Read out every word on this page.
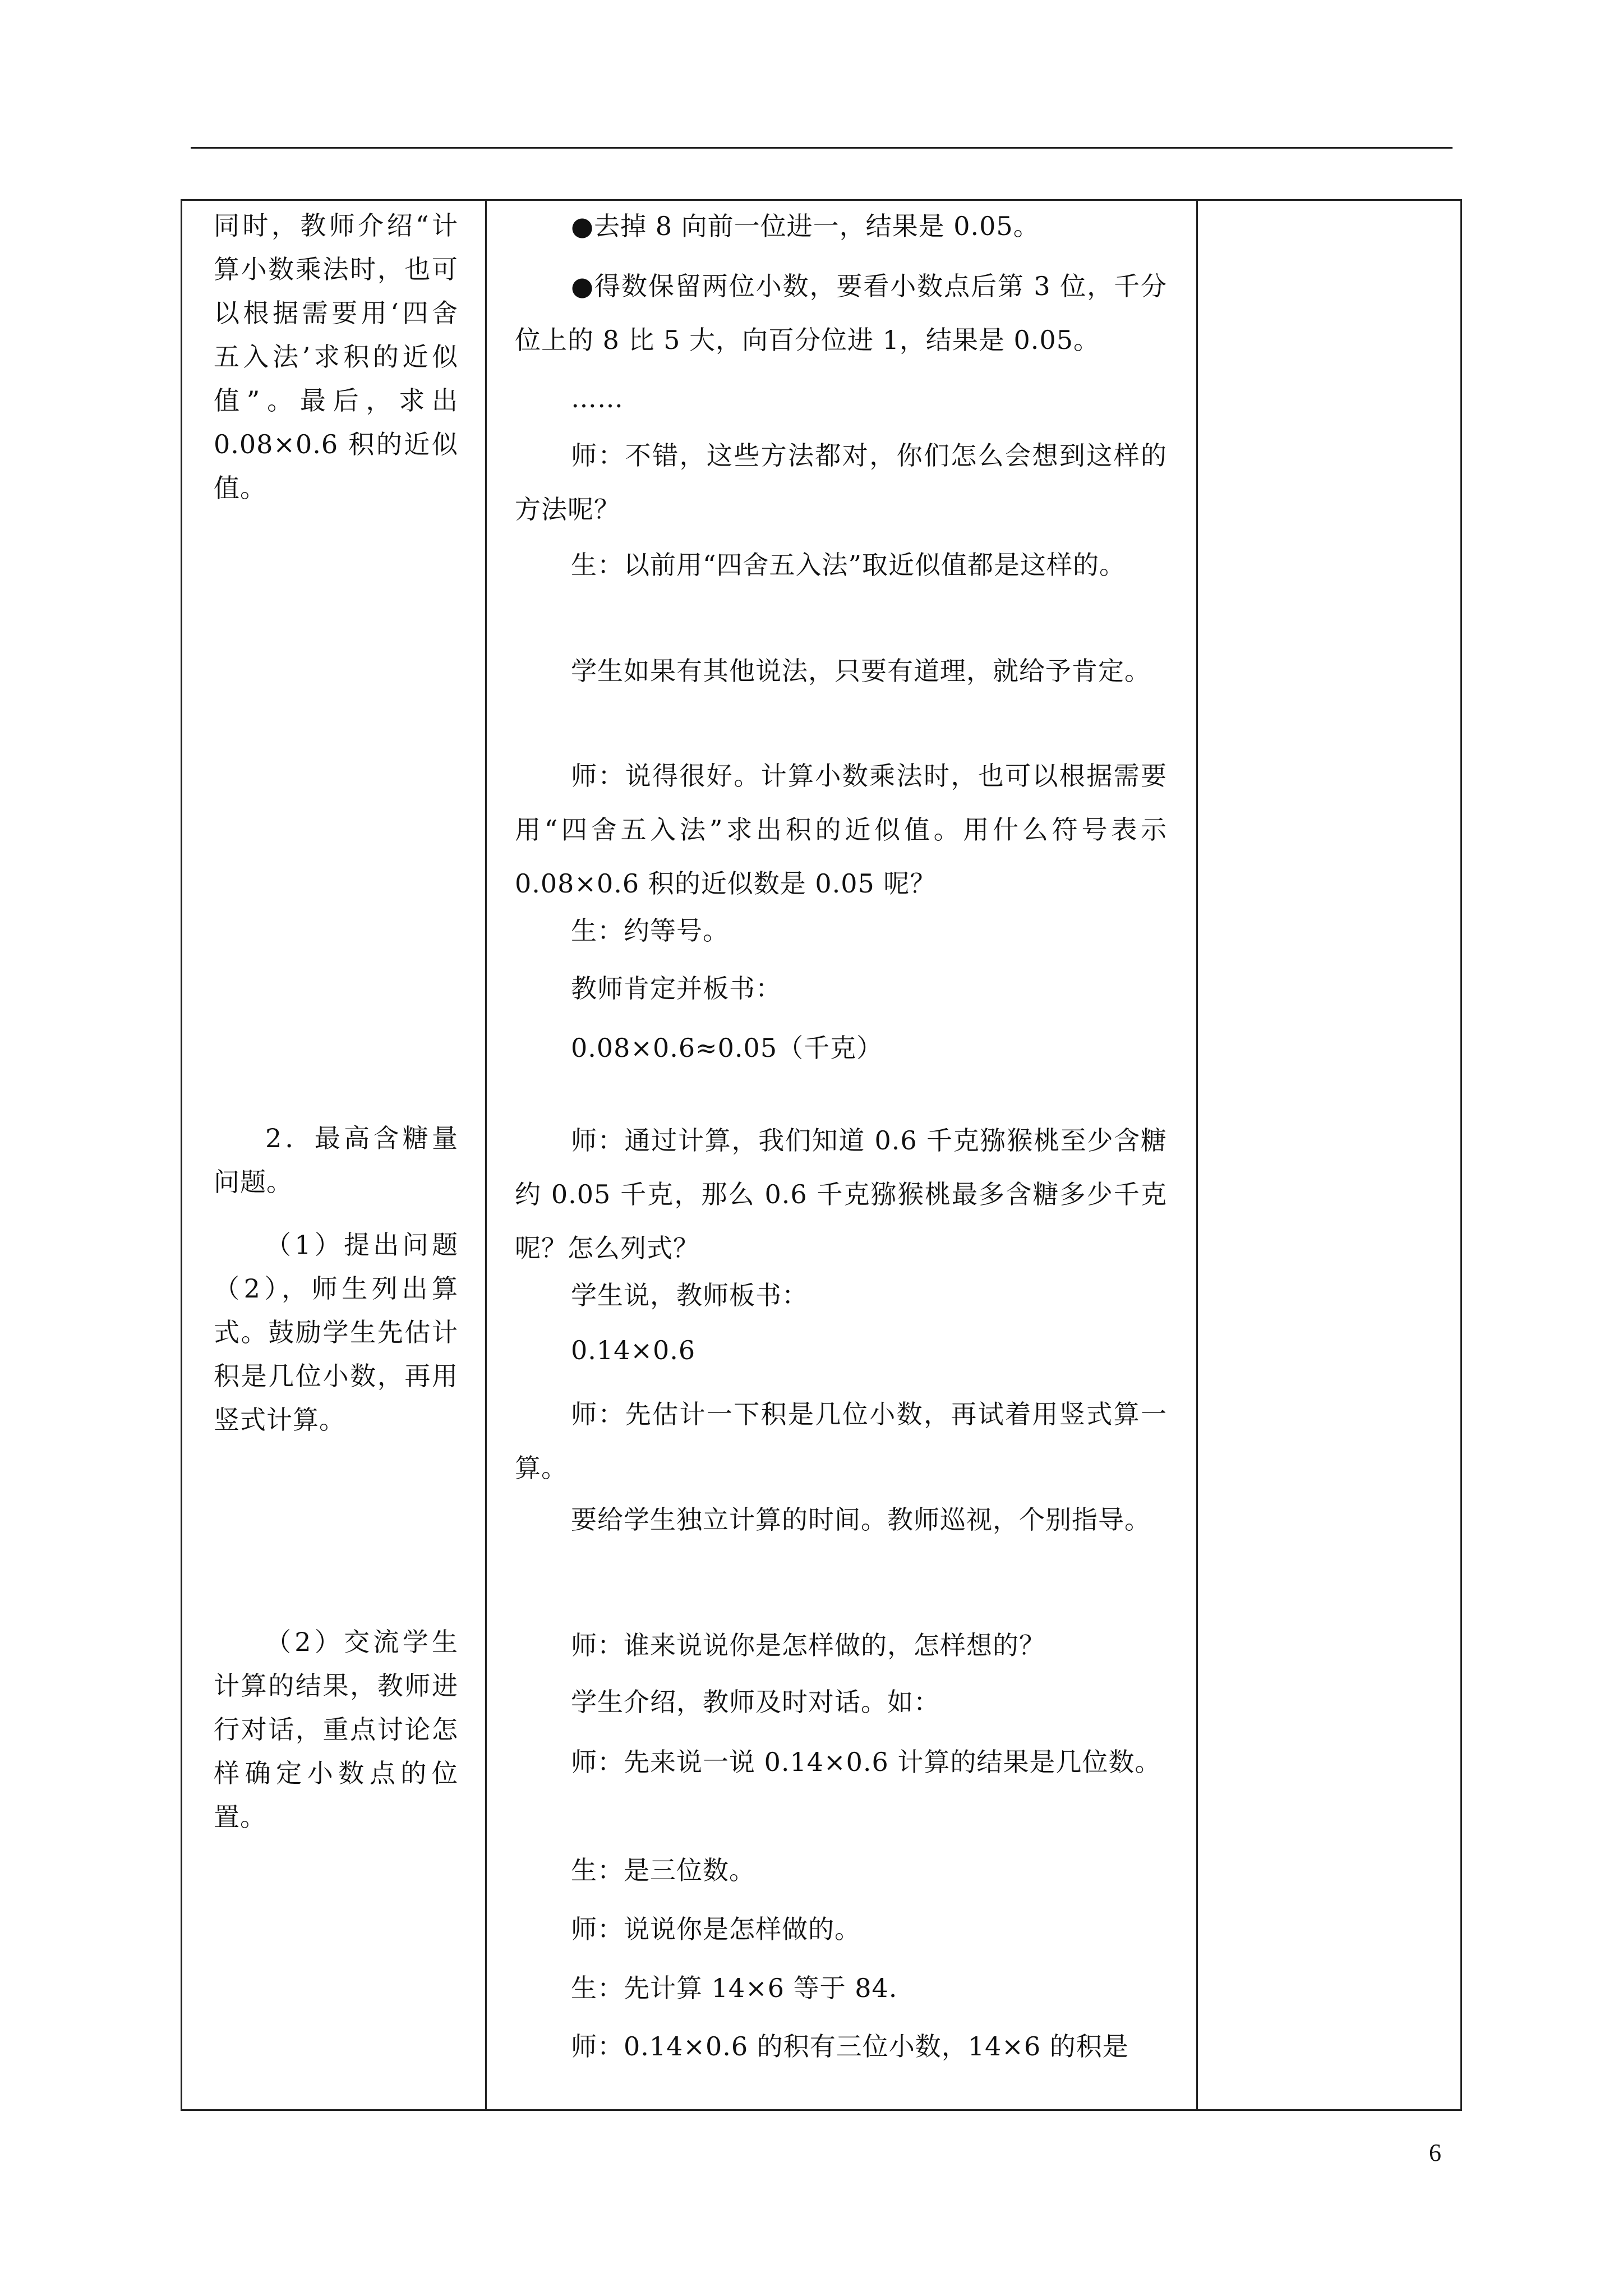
同时，教师介绍“计算小数乘法时，也可以根据需要用‘四舍五入法’求积的近似值”。最后，求出 0.08×0.6 积的近似值。
2．最高含糖量问题。
（1）提出问题（2），师生列出算式。鼓励学生先估计积是几位小数，再用竖式计算。
（2）交流学生计算的结果，教师进行对话，重点讨论怎样确定小数点的位置。
●去掉 8 向前一位进一，结果是 0.05。
●得数保留两位小数，要看小数点后第 3 位，千分位上的 8 比 5 大，向百分位进 1，结果是 0.05。
……
师：不错，这些方法都对，你们怎么会想到这样的方法呢？
生：以前用“四舍五入法”取近似值都是这样的。
学生如果有其他说法，只要有道理，就给予肯定。
师：说得很好。计算小数乘法时，也可以根据需要用“四舍五入法”求出积的近似值。用什么符号表示 0.08×0.6 积的近似数是 0.05 呢？
生：约等号。
教师肯定并板书：
0.08×0.6≈0.05（千克）
师：通过计算，我们知道 0.6 千克猕猴桃至少含糖约 0.05 千克，那么 0.6 千克猕猴桃最多含糖多少千克呢？怎么列式？
学生说，教师板书：
0.14×0.6
师：先估计一下积是几位小数，再试着用竖式算一算。
要给学生独立计算的时间。教师巡视，个别指导。
师：谁来说说你是怎样做的，怎样想的？
学生介绍，教师及时对话。如：
师：先来说一说 0.14×0.6 计算的结果是几位数。
生：是三位数。
师：说说你是怎样做的。
生：先计算 14×6 等于 84.
师：0.14×0.6 的积有三位小数，14×6 的积是
6
